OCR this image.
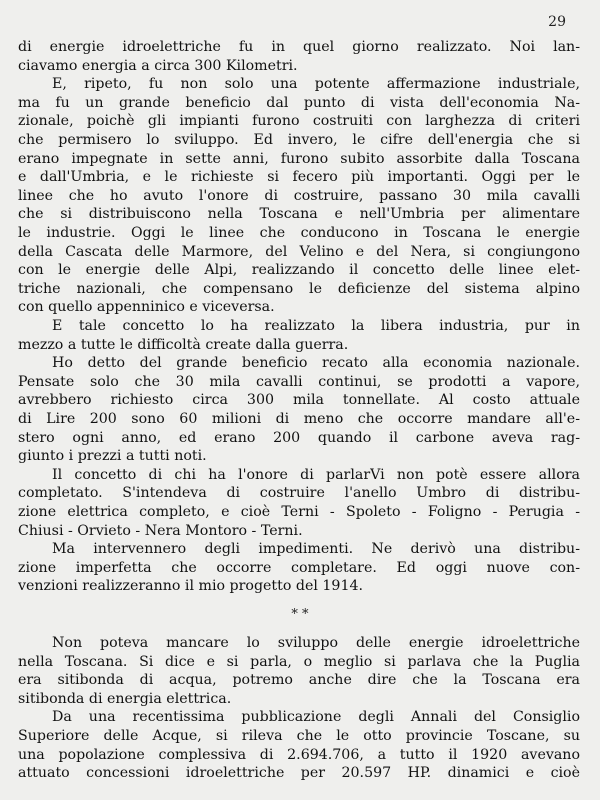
29
di energie idroelettriche fu in quel giorno realizzato. Noi lan-
ciavamo energia a circa 300 Kilometri.
E, ripeto, fu non solo una potente affermazione industriale,
ma fu un grande beneficio dal punto di vista dell'economia Na-
zionale, poichè gli impianti furono costruiti con larghezza di criteri
che permisero lo sviluppo. Ed invero, le cifre dell'energia che si
erano impegnate in sette anni, furono subito assorbite dalla Toscana
e dall'Umbria, e le richieste si fecero più importanti. Oggi per le
linee che ho avuto l'onore di costruire, passano 30 mila cavalli
che si distribuiscono nella Toscana e nell'Umbria per alimentare
le industrie. Oggi le linee che conducono in Toscana le energie
della Cascata delle Marmore, del Velino e del Nera, si congiungono
con le energie delle Alpi, realizzando il concetto delle linee elet-
triche nazionali, che compensano le deficienze del sistema alpino
con quello appenninico e viceversa.
E tale concetto lo ha realizzato la libera industria, pur in
mezzo a tutte le difficoltà create dalla guerra.
Ho detto del grande beneficio recato alla economia nazionale.
Pensate solo che 30 mila cavalli continui, se prodotti a vapore,
avrebbero richiesto circa 300 mila tonnellate. Al costo attuale
di Lire 200 sono 60 milioni di meno che occorre mandare all'e-
stero ogni anno, ed erano 200 quando il carbone aveva rag-
giunto i prezzi a tutti noti.
Il concetto di chi ha l'onore di parlarVi non potè essere allora
completato. S'intendeva di costruire l'anello Umbro di distribu-
zione elettrica completo, e cioè Terni - Spoleto - Foligno - Perugia -
Chiusi - Orvieto - Nera Montoro - Terni.
Ma intervennero degli impedimenti. Ne derivò una distribu-
zione imperfetta che occorre completare. Ed oggi nuove con-
venzioni realizzeranno il mio progetto del 1914.
Non poteva mancare lo sviluppo delle energie idroelettriche
nella Toscana. Si dice e si parla, o meglio si parlava che la Puglia
era sitibonda di acqua, potremo anche dire che la Toscana era
sitibonda di energia elettrica.
Da una recentissima pubblicazione degli Annali del Consiglio
Superiore delle Acque, si rileva che le otto provincie Toscane, su
una popolazione complessiva di 2.694.706, a tutto il 1920 avevano
attuato concessioni idroelettriche per 20.597 HP. dinamici e cioè
* *
